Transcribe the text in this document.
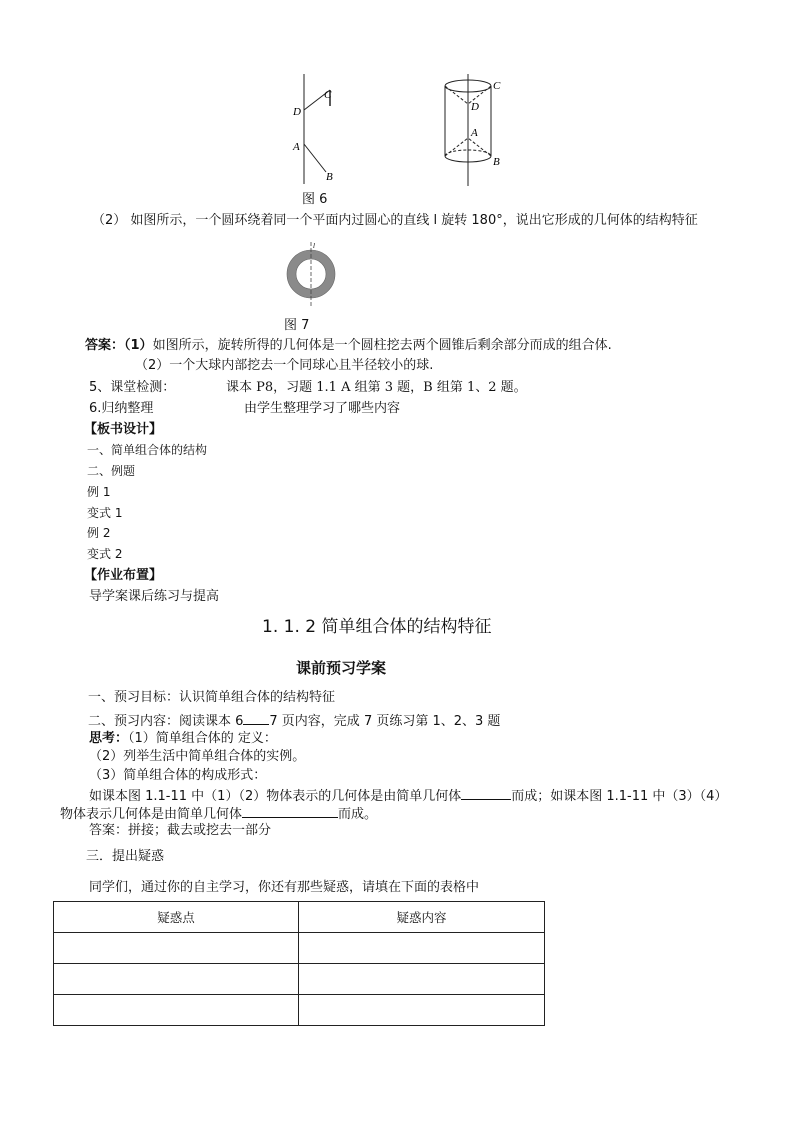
C
D
A
B
C
D
A
B
图 6
（2） 如图所示，一个圆环绕着同一个平面内过圆心的直线 l 旋转 180°，说出它形成的几何体的结构特征
l
图 7
答案：（1）如图所示，旋转所得的几何体是一个圆柱挖去两个圆锥后剩余部分而成的组合体.
（2）一个大球内部挖去一个同球心且半径较小的球.
5、课堂检测：	课本 P8，习题 1.1 A 组第 3 题，B 组第 1、2 题。
6.归纳整理	由学生整理学习了哪些内容
【板书设计】
一、简单组合体的结构
二、例题
例 1
变式 1
例 2
变式 2
【作业布置】
导学案课后练习与提高
1. 1. 2 简单组合体的结构特征
课前预习学案
一、预习目标：认识简单组合体的结构特征
二、预习内容：阅读课本 6 7 页内容，完成 7 页练习第 1、2、3 题
思考：（1）简单组合体的 定义：
（2）列举生活中简单组合体的实例。
（3）简单组合体的构成形式：
如课本图 1.1-11 中（1）（2）物体表示的几何体是由简单几何体	而成；如课本图 1.1-11 中（3）（4）
物体表示几何体是由简单几何体	而成。
答案：拼接；截去或挖去一部分
三．提出疑惑
同学们，通过你的自主学习，你还有那些疑惑，请填在下面的表格中
疑惑点	疑惑内容
